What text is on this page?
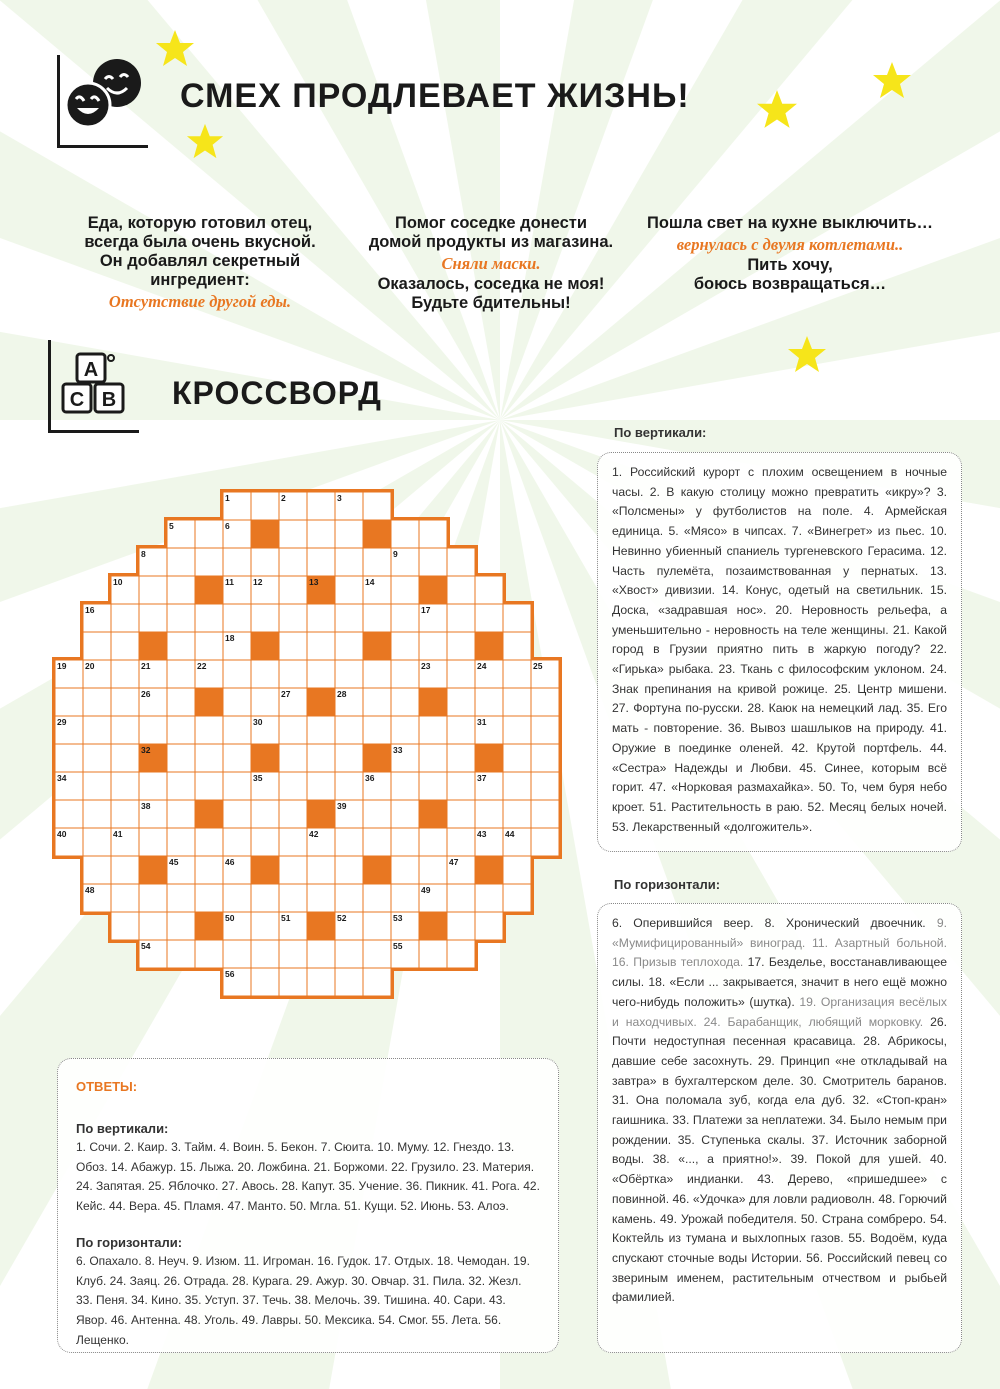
СМЕХ ПРОДЛЕВАЕТ ЖИЗНЬ!
Еда, которую готовил отец,
всегда была очень вкусной.
Он добавлял секретный
ингредиент:
Отсутствие другой еды.
Помог соседке донести
домой продукты из магазина.
Сняли маски.
Оказалось, соседка не моя!
Будьте бдительны!
Пошла свет на кухне выключить…
вернулась с двумя котлетами..
Пить хочу,
боюсь возвращаться…
А
С В КРОССВОРД
1	2	3
5	6
8	9
10	11 12	13	14
16	17
18
19 20	21	22	23	24	25
26	27	28
29	30	31
32	33
34	35	36	37
38	39
40	41	42	43 44
45	46	47
48	49
50	51	52	53
54	55
56
По вертикали:
1. Российский курорт с плохим освещением в ночные часы. 2. В какую столицу можно превратить «икру»? 3. «Полсмены» у футболистов на поле. 4. Армейская единица. 5. «Мясо» в чипсах. 7. «Винегрет» из пьес. 10. Невинно убиенный спаниель тургеневского Герасима. 12. Часть пулемёта, позаимствованная у пернатых. 13. «Хвост» дивизии. 14. Конус, одетый на светильник. 15. Доска, «задравшая нос». 20. Неровность рельефа, а уменьшительно - неровность на теле женщины. 21. Какой город в Грузии приятно пить в жаркую погоду? 22. «Гирька» рыбака. 23. Ткань с философским уклоном. 24. Знак препинания на кривой рожице. 25. Центр мишени. 27. Фортуна по-русски. 28. Каюк на немецкий лад. 35. Его мать - повторение. 36. Вывоз шашлыков на природу. 41. Оружие в поединке оленей. 42. Крутой портфель. 44. «Сестра» Надежды и Любви. 45. Синее, которым всё горит. 47. «Норковая размахайка». 50. То, чем буря небо кроет. 51. Растительность в раю. 52. Месяц белых ночей. 53. Лекарственный «долгожитель».
По горизонтали:
6. Оперившийся веер. 8. Хронический двоечник. 9. «Мумифицированный» виноград. 11. Азартный больной. 16. Призыв теплохода. 17. Безделье, восстанавливающее силы. 18. «Если ... закрывается, значит в него ещё можно чего-нибудь положить» (шутка). 19. Организация весёлых и находчивых. 24. Барабанщик, любящий морковку. 26. Почти недоступная песенная красавица. 28. Абрикосы, давшие себе засохнуть. 29. Принцип «не откладывай на завтра» в бухгалтерском деле. 30. Смотритель баранов. 31. Она поломала зуб, когда ела дуб. 32. «Стоп-кран» гаишника. 33. Платежи за неплатежи. 34. Было немым при рождении. 35. Ступенька скалы. 37. Источник заборной воды. 38. «..., а приятно!». 39. Покой для ушей. 40. «Обёртка» индианки. 43. Дерево, «пришедшее» с повинной. 46. «Удочка» для ловли радиоволн. 48. Горючий камень. 49. Урожай победителя. 50. Страна сомбреро. 54. Коктейль из тумана и выхлопных газов. 55. Водоём, куда спускают сточные воды Истории. 56. Российский певец со звериным именем, растительным отчеством и рыбьей фамилией.
ОТВЕТЫ:
По вертикали:
1. Сочи. 2. Каир. 3. Тайм. 4. Воин. 5. Бекон. 7. Сюита. 10. Муму. 12. Гнездо. 13. Обоз. 14. Абажур. 15. Лыжа. 20. Ложбина. 21. Боржоми. 22. Грузило. 23. Материя. 24. Запятая. 25. Яблочко. 27. Авось. 28. Капут. 35. Учение. 36. Пикник. 41. Рога. 42. Кейс. 44. Вера. 45. Пламя. 47. Манто. 50. Мгла. 51. Кущи. 52. Июнь. 53. Алоэ.
По горизонтали:
6. Опахало. 8. Неуч. 9. Изюм. 11. Игроман. 16. Гудок. 17. Отдых. 18. Чемодан. 19. Клуб. 24. Заяц. 26. Отрада. 28. Курага. 29. Ажур. 30. Овчар. 31. Пила. 32. Жезл. 33. Пеня. 34. Кино. 35. Уступ. 37. Течь. 38. Мелочь. 39. Тишина. 40. Сари. 43. Явор. 46. Антенна. 48. Уголь. 49. Лавры. 50. Мексика. 54. Смог. 55. Лета. 56. Лещенко.
